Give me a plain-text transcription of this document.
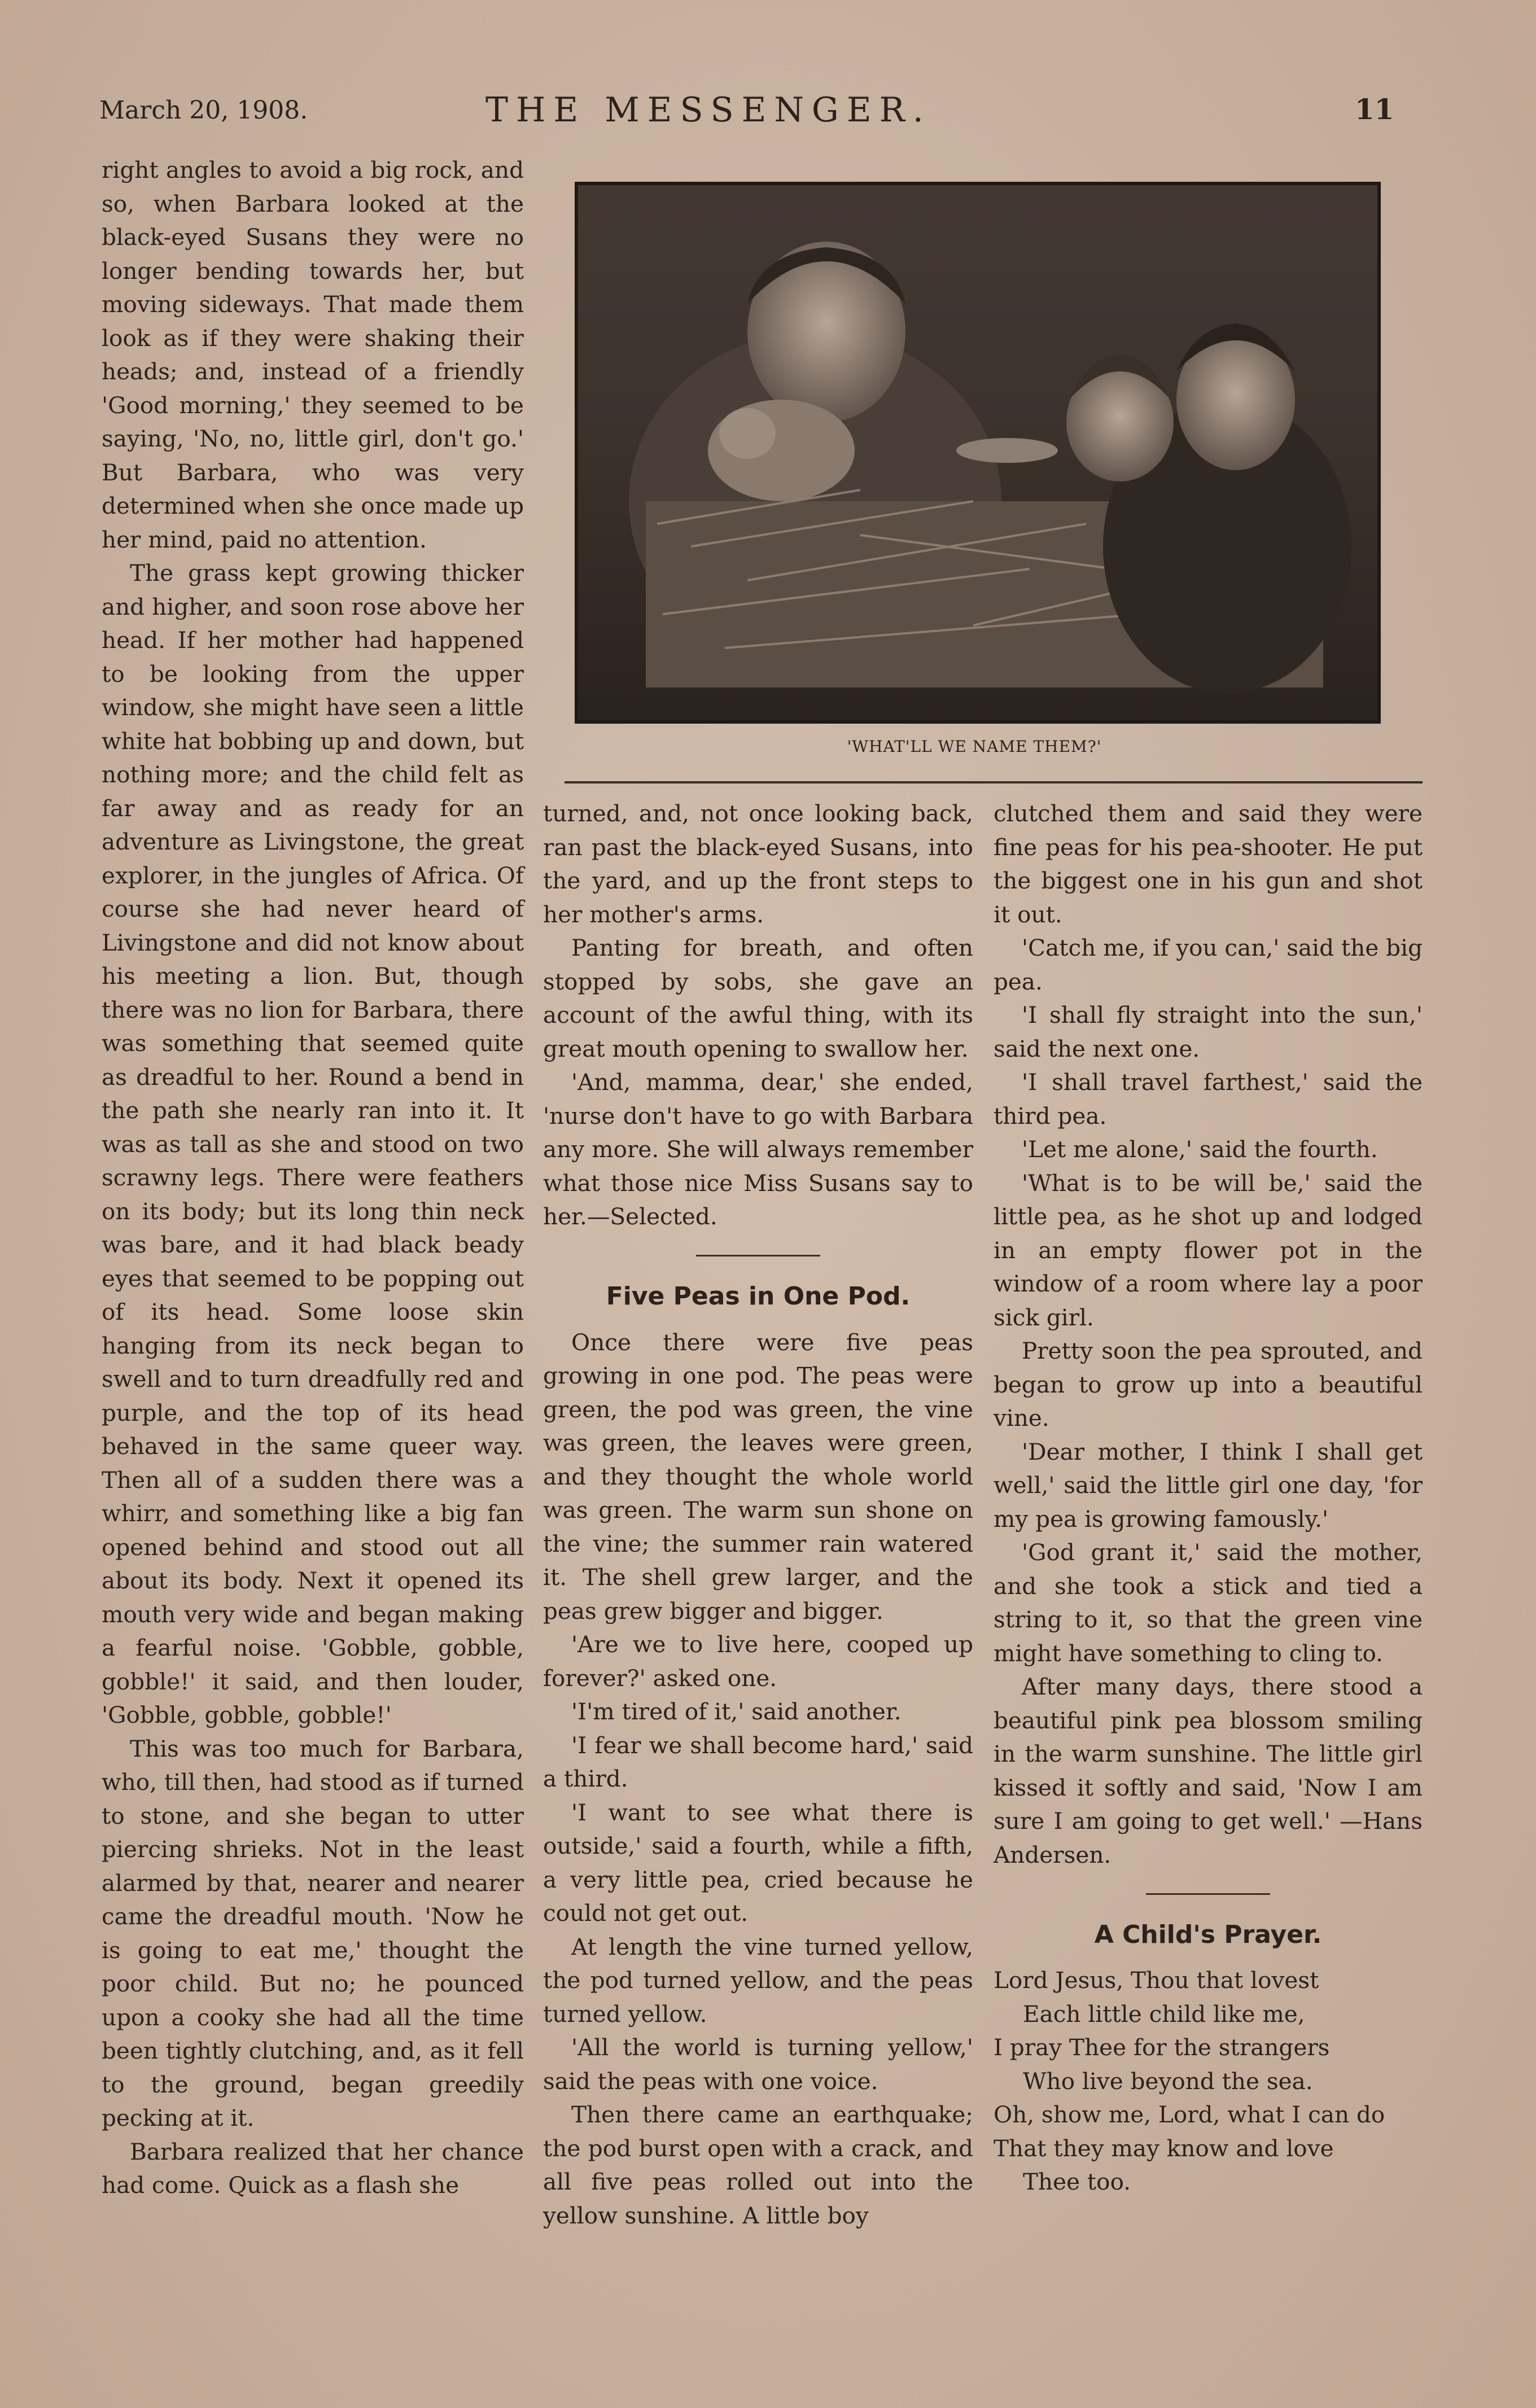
March 20, 1908.	THE MESSENGER.	11

right angles to avoid a big rock, and so, when Barbara looked at the black-eyed Susans they were no longer bending towards her, but moving sideways. That made them look as if they were shaking their heads; and, instead of a friendly 'Good morning,' they seemed to be saying, 'No, no, little girl, don't go.' But Barbara, who was very determined when she once made up her mind, paid no attention.

The grass kept growing thicker and higher, and soon rose above her head. If her mother had happened to be looking from the upper window, she might have seen a little white hat bobbing up and down, but nothing more; and the child felt as far away and as ready for an adventure as Livingstone, the great explorer, in the jungles of Africa. Of course she had never heard of Livingstone and did not know about his meeting a lion. But, though there was no lion for Barbara, there was something that seemed quite as dreadful to her. Round a bend in the path she nearly ran into it. It was as tall as she and stood on two scrawny legs. There were feathers on its body; but its long thin neck was bare, and it had black beady eyes that seemed to be popping out of its head. Some loose skin hanging from its neck began to swell and to turn dreadfully red and purple, and the top of its head behaved in the same queer way. Then all of a sudden there was a whirr, and something like a big fan opened behind and stood out all about its body. Next it opened its mouth very wide and began making a fearful noise. 'Gobble, gobble, gobble!' it said, and then louder, 'Gobble, gobble, gobble!'

This was too much for Barbara, who, till then, had stood as if turned to stone, and she began to utter piercing shrieks. Not in the least alarmed by that, nearer and nearer came the dreadful mouth. 'Now he is going to eat me,' thought the poor child. But no; he pounced upon a cooky she had all the time been tightly clutching, and, as it fell to the ground, began greedily pecking at it.

Barbara realized that her chance had come. Quick as a flash she

'WHAT'LL WE NAME THEM?'

turned, and, not once looking back, ran past the black-eyed Susans, into the yard, and up the front steps to her mother's arms.

Panting for breath, and often stopped by sobs, she gave an account of the awful thing, with its great mouth opening to swallow her.

'And, mamma, dear,' she ended, 'nurse don't have to go with Barbara any more. She will always remember what those nice Miss Susans say to her.—Selected.

Five Peas in One Pod.

Once there were five peas growing in one pod. The peas were green, the pod was green, the vine was green, the leaves were green, and they thought the whole world was green. The warm sun shone on the vine; the summer rain watered it. The shell grew larger, and the peas grew bigger and bigger.

'Are we to live here, cooped up forever?' asked one.

'I'm tired of it,' said another.

'I fear we shall become hard,' said a third.

'I want to see what there is outside,' said a fourth, while a fifth, a very little pea, cried because he could not get out.

At length the vine turned yellow, the pod turned yellow, and the peas turned yellow.

'All the world is turning yellow,' said the peas with one voice.

Then there came an earthquake; the pod burst open with a crack, and all five peas rolled out into the yellow sunshine. A little boy

clutched them and said they were fine peas for his pea-shooter. He put the biggest one in his gun and shot it out.

'Catch me, if you can,' said the big pea.

'I shall fly straight into the sun,' said the next one.

'I shall travel farthest,' said the third pea.

'Let me alone,' said the fourth.

'What is to be will be,' said the little pea, as he shot up and lodged in an empty flower pot in the window of a room where lay a poor sick girl.

Pretty soon the pea sprouted, and began to grow up into a beautiful vine.

'Dear mother, I think I shall get well,' said the little girl one day, 'for my pea is growing famously.'

'God grant it,' said the mother, and she took a stick and tied a string to it, so that the green vine might have something to cling to.

After many days, there stood a beautiful pink pea blossom smiling in the warm sunshine. The little girl kissed it softly and said, 'Now I am sure I am going to get well.' —Hans Andersen.

A Child's Prayer.
Lord Jesus, Thou that lovest
Each little child like me,
I pray Thee for the strangers
Who live beyond the sea.
Oh, show me, Lord, what I can do
That they may know and love
Thee too.
